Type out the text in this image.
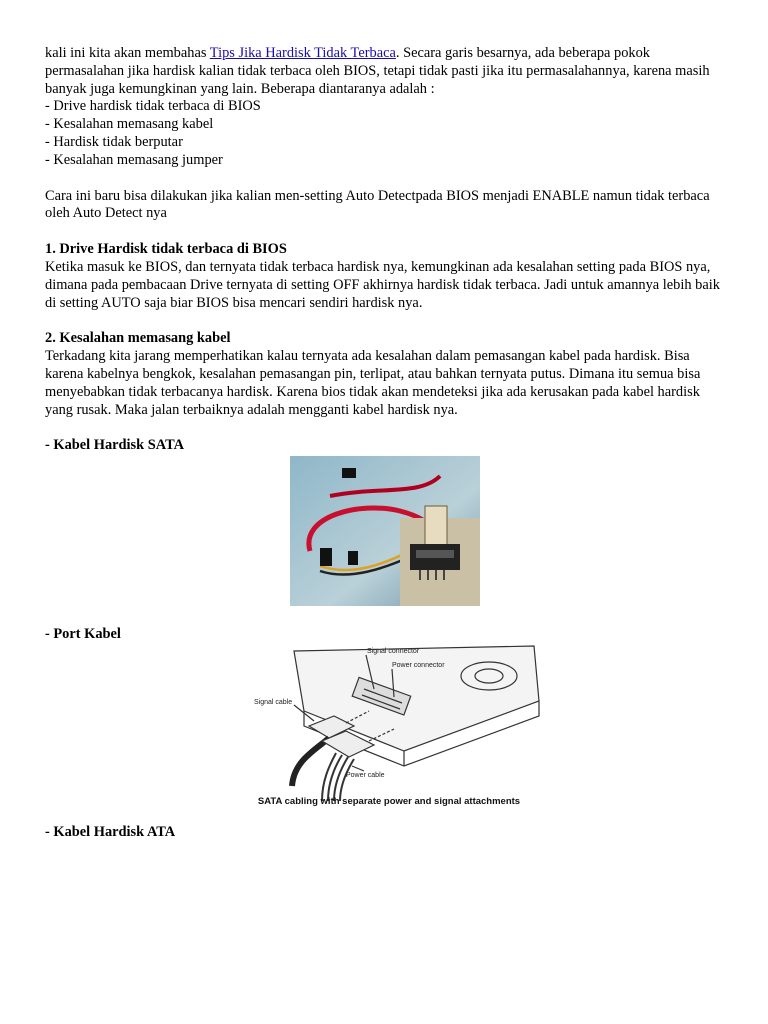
kali ini kita akan membahas Tips Jika Hardisk Tidak Terbaca. Secara garis besarnya, ada beberapa pokok permasalahan jika hardisk kalian tidak terbaca oleh BIOS, tetapi tidak pasti jika itu permasalahannya, karena masih banyak juga kemungkinan yang lain. Beberapa diantaranya adalah :

- Drive hardisk tidak terbaca di BIOS

- Kesalahan memasang kabel

- Hardisk tidak berputar

- Kesalahan memasang jumper

Cara ini baru bisa dilakukan jika kalian men-setting Auto Detectpada BIOS menjadi ENABLE namun tidak terbaca oleh Auto Detect nya

1. Drive Hardisk tidak terbaca di BIOS

Ketika masuk ke BIOS, dan ternyata tidak terbaca hardisk nya, kemungkinan ada kesalahan setting pada BIOS nya, dimana pada pembacaan Drive ternyata di setting OFF akhirnya hardisk tidak terbaca. Jadi untuk amannya lebih baik di setting AUTO saja biar BIOS bisa mencari sendiri hardisk nya.

2. Kesalahan memasang kabel

Terkadang kita jarang memperhatikan kalau ternyata ada kesalahan dalam pemasangan kabel pada hardisk. Bisa karena kabelnya bengkok, kesalahan pemasangan pin, terlipat, atau bahkan ternyata putus. Dimana itu semua bisa menyebabkan tidak terbacanya hardisk. Karena bios tidak akan mendeteksi jika ada kerusakan pada kabel hardisk yang rusak. Maka jalan terbaiknya adalah mengganti kabel hardisk nya.

- Kabel Hardisk SATA
- Port Kabel
Signal connector
Power connector
Signal cable
Power cable
SATA cabling with separate power and signal attachments
- Kabel Hardisk ATA
